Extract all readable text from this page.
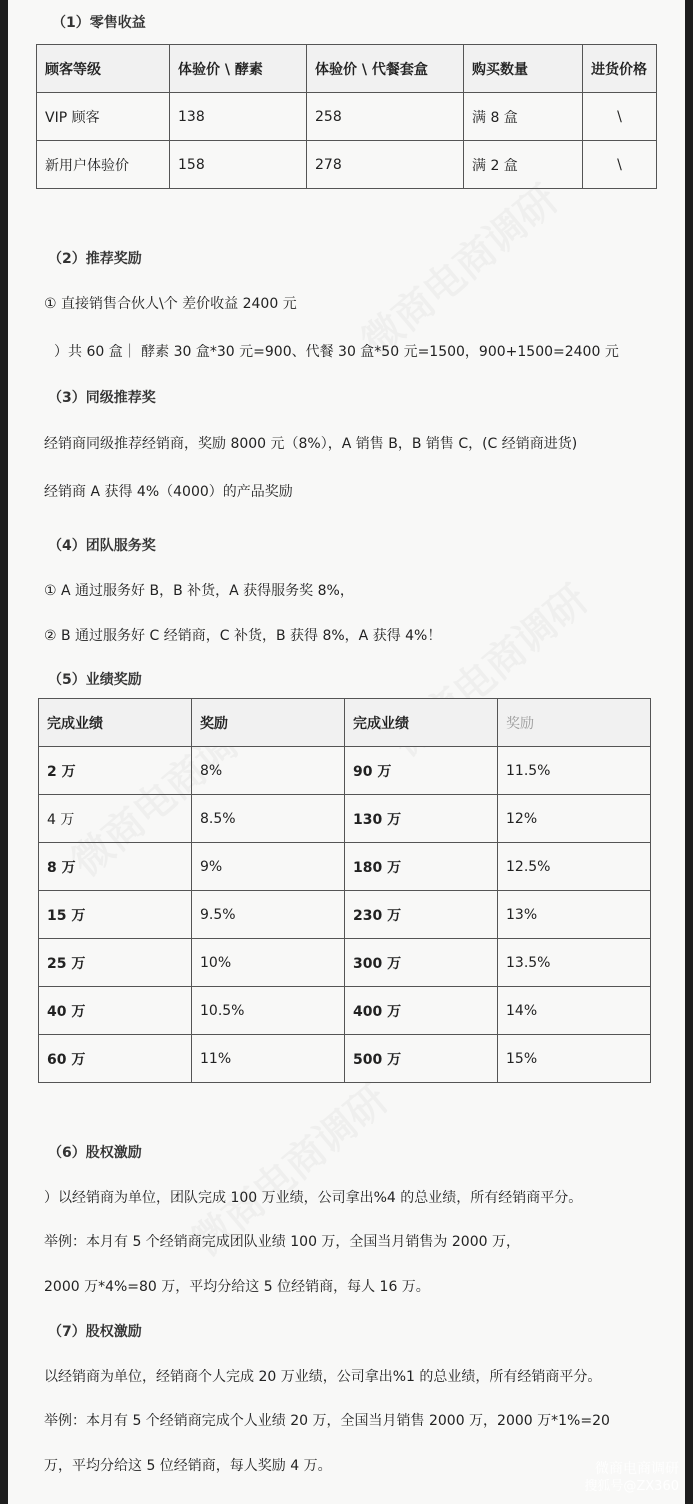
（1）零售收益
顾客等级	体验价 \ 酵素	体验价 \ 代餐套盒	购买数量	进货价格
VIP 顾客	138	258	满 8 盒	\
新用户体验价	158	278	满 2 盒	\
（2）推荐奖励
① 直接销售合伙人\个 差价收益 2400 元
）共 60 盒｜ 酵素 30 盒*30 元=900、代餐 30 盒*50 元=1500，900+1500=2400 元
（3）同级推荐奖
经销商同级推荐经销商，奖励 8000 元（8%），A 销售 B，B 销售 C，(C 经销商进货)
经销商 A 获得 4%（4000）的产品奖励
（4）团队服务奖
① A 通过服务好 B，B 补货，A 获得服务奖 8%，
② B 通过服务好 C 经销商，C 补货，B 获得 8%，A 获得 4%！
（5）业绩奖励
完成业绩	奖励	完成业绩	奖励
2 万	8%	90 万	11.5%
4 万	8.5%	130 万	12%
8 万	9%	180 万	12.5%
15 万	9.5%	230 万	13%
25 万	10%	300 万	13.5%
40 万	10.5%	400 万	14%
60 万	11%	500 万	15%
（6）股权激励
）以经销商为单位，团队完成 100 万业绩，公司拿出%4 的总业绩，所有经销商平分。
举例：本月有 5 个经销商完成团队业绩 100 万，全国当月销售为 2000 万，
2000 万*4%=80 万，平均分给这 5 位经销商，每人 16 万。
（7）股权激励
以经销商为单位，经销商个人完成 20 万业绩，公司拿出%1 的总业绩，所有经销商平分。
举例：本月有 5 个经销商完成个人业绩 20 万，全国当月销售 2000 万，2000 万*1%=20
万，平均分给这 5 位经销商，每人奖励 4 万。	微商电商调研
搜狐号@ZX360
